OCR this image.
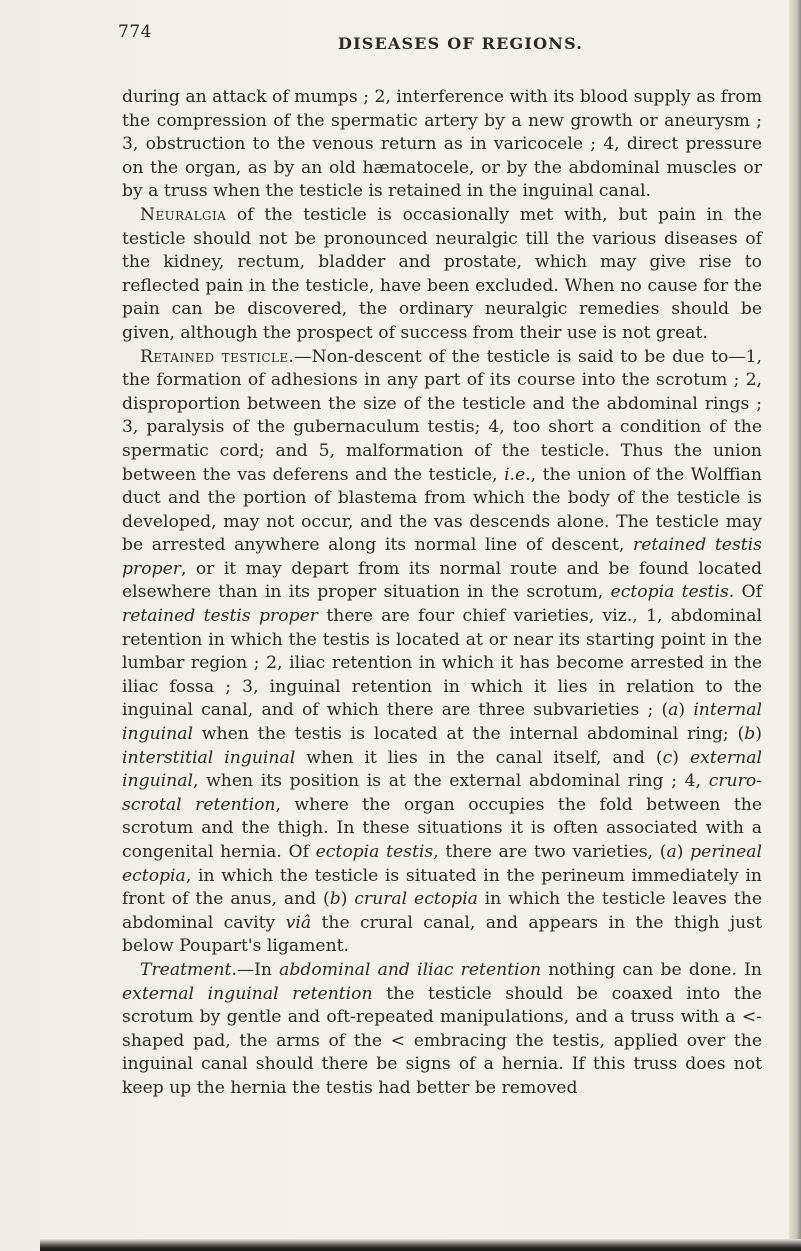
774
DISEASES OF REGIONS.

during an attack of mumps ; 2, interference with its blood supply as from the compression of the spermatic artery by a new growth or aneurysm ; 3, obstruction to the venous return as in varicocele ; 4, direct pressure on the organ, as by an old hæmatocele, or by the abdominal muscles or by a truss when the testicle is retained in the inguinal canal.

Neuralgia of the testicle is occasionally met with, but pain in the testicle should not be pronounced neuralgic till the various diseases of the kidney, rectum, bladder and prostate, which may give rise to reflected pain in the testicle, have been excluded. When no cause for the pain can be discovered, the ordinary neuralgic remedies should be given, although the prospect of success from their use is not great.

Retained testicle.—Non-descent of the testicle is said to be due to—1, the formation of adhesions in any part of its course into the scrotum ; 2, disproportion between the size of the testicle and the abdominal rings ; 3, paralysis of the gubernaculum testis; 4, too short a condition of the spermatic cord; and 5, malformation of the testicle. Thus the union between the vas deferens and the testicle, i.e., the union of the Wolffian duct and the portion of blastema from which the body of the testicle is developed, may not occur, and the vas descends alone. The testicle may be arrested anywhere along its normal line of descent, retained testis proper, or it may depart from its normal route and be found located elsewhere than in its proper situation in the scrotum, ectopia testis. Of retained testis proper there are four chief varieties, viz., 1, abdominal retention in which the testis is located at or near its starting point in the lumbar region ; 2, iliac retention in which it has become arrested in the iliac fossa ; 3, inguinal retention in which it lies in relation to the inguinal canal, and of which there are three subvarieties ; (a) internal inguinal when the testis is located at the internal abdominal ring; (b) interstitial inguinal when it lies in the canal itself, and (c) external inguinal, when its position is at the external abdominal ring ; 4, cruro-scrotal retention, where the organ occupies the fold between the scrotum and the thigh. In these situations it is often associated with a congenital hernia. Of ectopia testis, there are two varieties, (a) perineal ectopia, in which the testicle is situated in the perineum immediately in front of the anus, and (b) crural ectopia in which the testicle leaves the abdominal cavity viâ the crural canal, and appears in the thigh just below Poupart's ligament.

Treatment.—In abdominal and iliac retention nothing can be done. In external inguinal retention the testicle should be coaxed into the scrotum by gentle and oft-repeated manipulations, and a truss with a <-shaped pad, the arms of the < embracing the testis, applied over the inguinal canal should there be signs of a hernia. If this truss does not keep up the hernia the testis had better be removed
